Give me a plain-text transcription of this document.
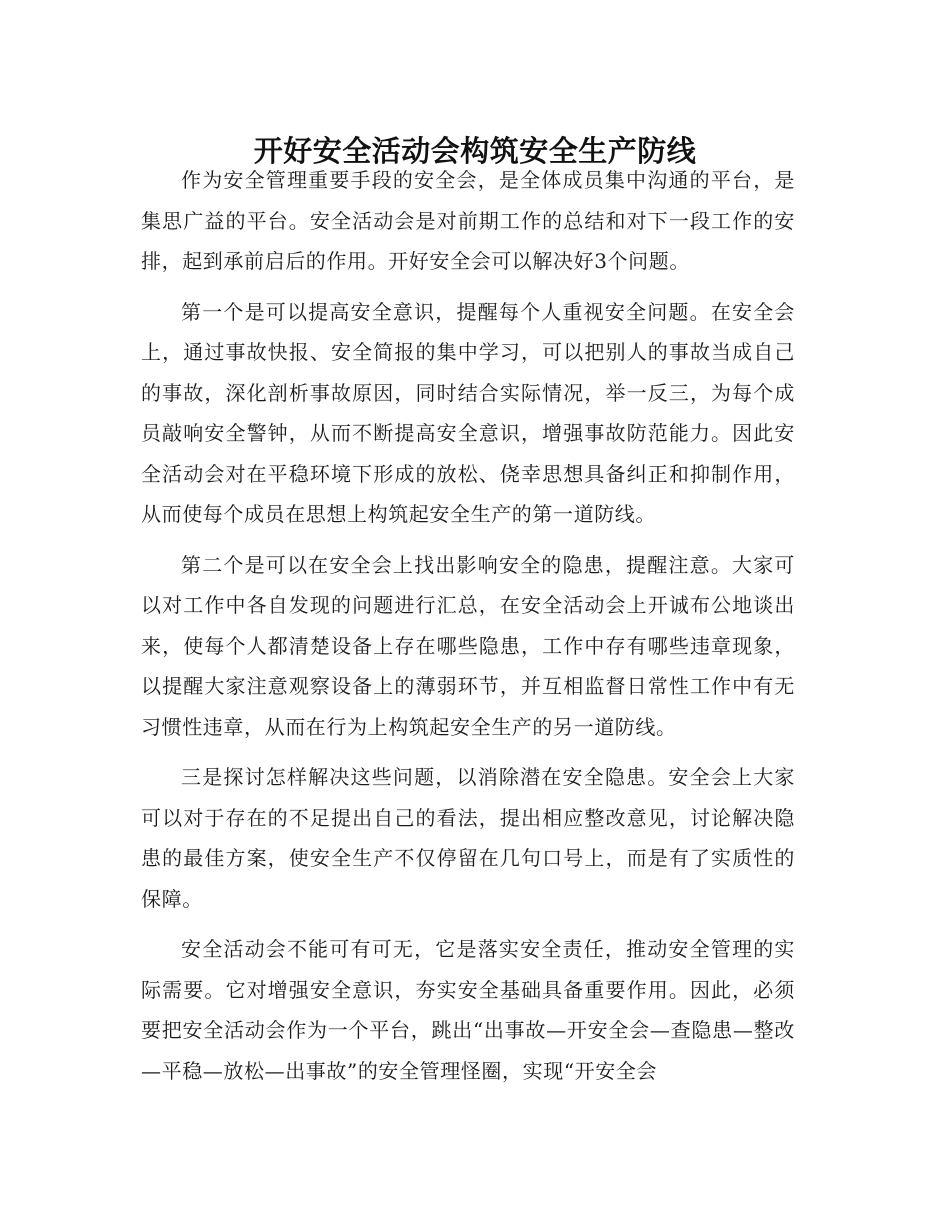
开好安全活动会构筑安全生产防线

作为安全管理重要手段的安全会，是全体成员集中沟通的平台，是集思广益的平台。安全活动会是对前期工作的总结和对下一段工作的安排，起到承前启后的作用。开好安全会可以解决好3个问题。

第一个是可以提高安全意识，提醒每个人重视安全问题。在安全会上，通过事故快报、安全简报的集中学习，可以把别人的事故当成自己的事故，深化剖析事故原因，同时结合实际情况，举一反三，为每个成员敲响安全警钟，从而不断提高安全意识，增强事故防范能力。因此安全活动会对在平稳环境下形成的放松、侥幸思想具备纠正和抑制作用，从而使每个成员在思想上构筑起安全生产的第一道防线。

第二个是可以在安全会上找出影响安全的隐患，提醒注意。大家可以对工作中各自发现的问题进行汇总，在安全活动会上开诚布公地谈出来，使每个人都清楚设备上存在哪些隐患，工作中存有哪些违章现象，以提醒大家注意观察设备上的薄弱环节，并互相监督日常性工作中有无习惯性违章，从而在行为上构筑起安全生产的另一道防线。

三是探讨怎样解决这些问题，以消除潜在安全隐患。安全会上大家可以对于存在的不足提出自己的看法，提出相应整改意见，讨论解决隐患的最佳方案，使安全生产不仅停留在几句口号上，而是有了实质性的保障。

安全活动会不能可有可无，它是落实安全责任，推动安全管理的实际需要。它对增强安全意识，夯实安全基础具备重要作用。因此，必须要把安全活动会作为一个平台，跳出“出事故—开安全会—查隐患—整改—平稳—放松—出事故”的安全管理怪圈，实现“开安全会
